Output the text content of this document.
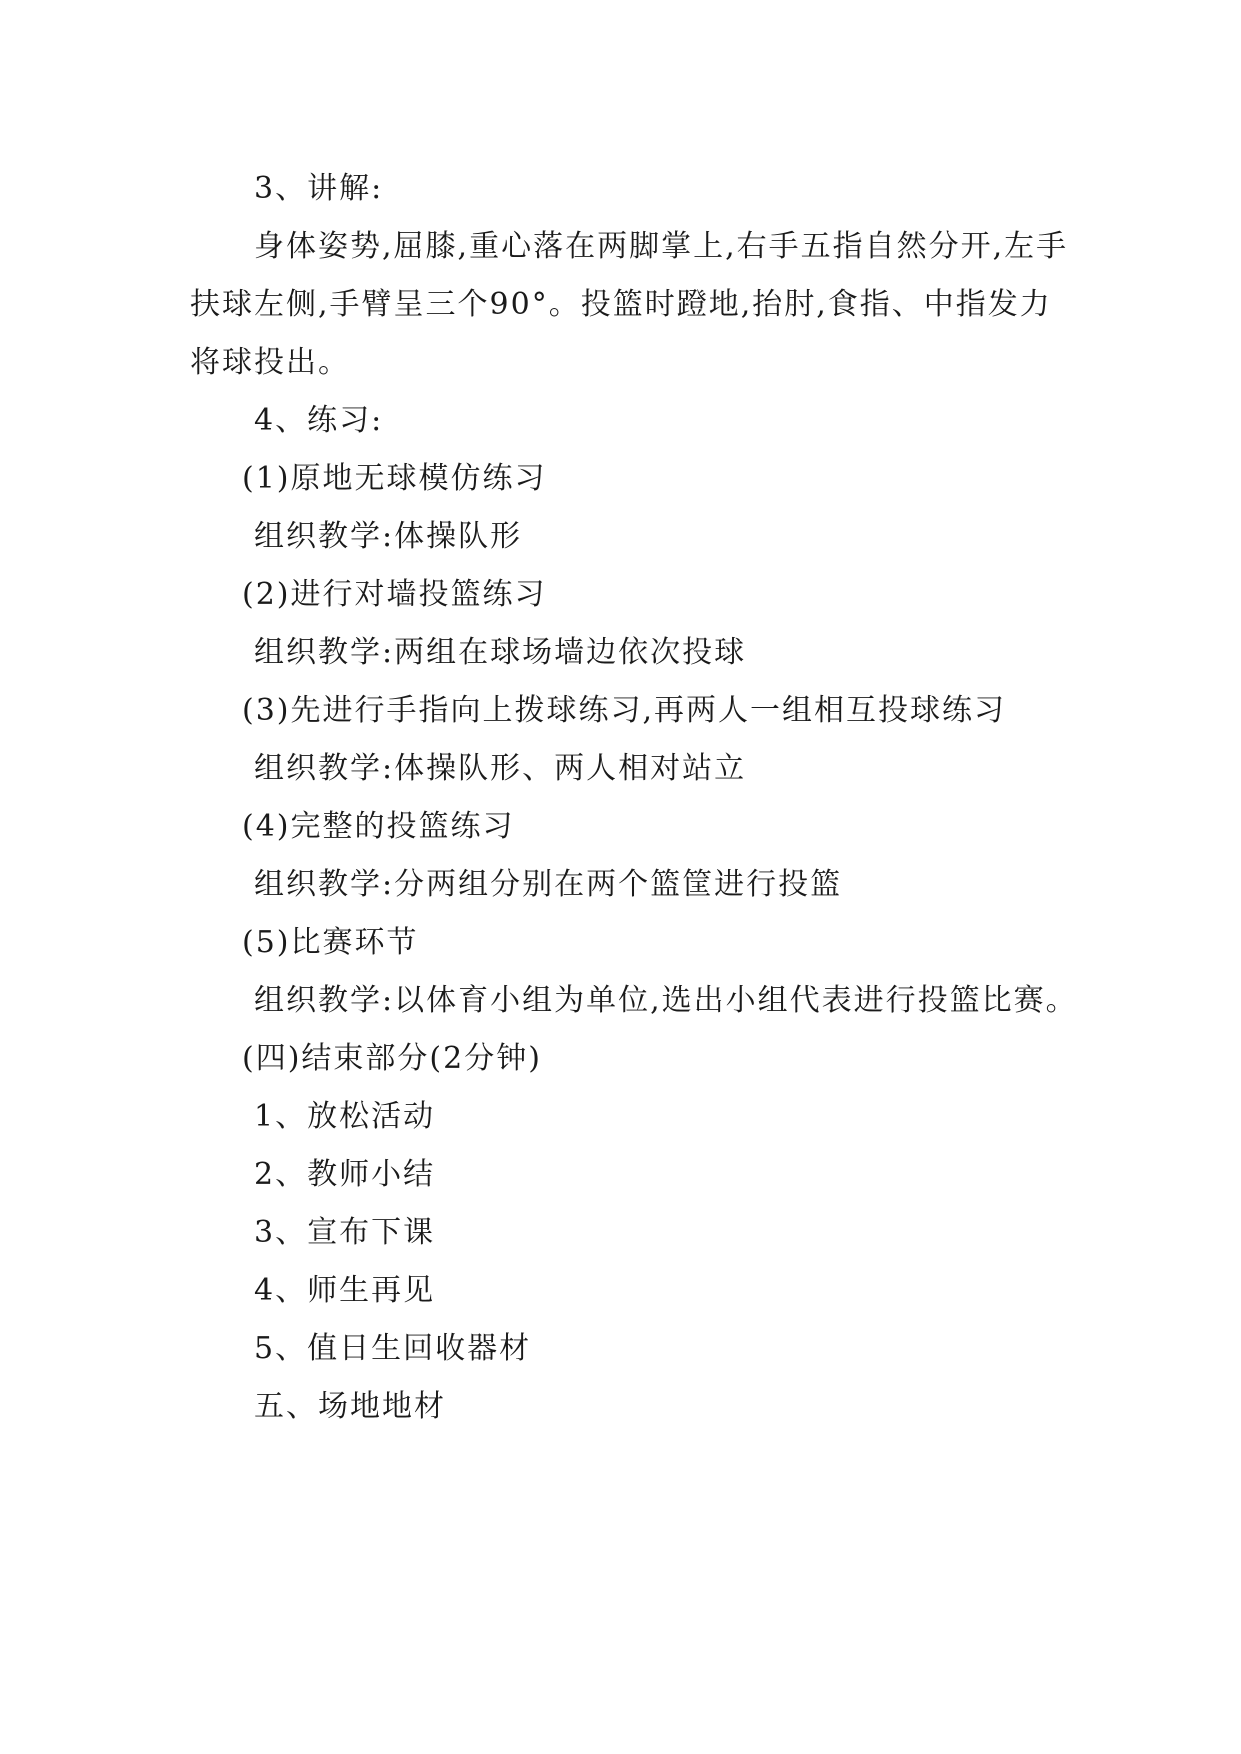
3、讲解:

身体姿势,屈膝,重心落在两脚掌上,右手五指自然分开,左手扶球左侧,手臂呈三个90°。投篮时蹬地,抬肘,食指、中指发力将球投出。

4、练习:

(1)原地无球模仿练习

组织教学:体操队形

(2)进行对墙投篮练习

组织教学:两组在球场墙边依次投球

(3)先进行手指向上拨球练习,再两人一组相互投球练习

组织教学:体操队形、两人相对站立

(4)完整的投篮练习

组织教学:分两组分别在两个篮筐进行投篮

(5)比赛环节

组织教学:以体育小组为单位,选出小组代表进行投篮比赛。

(四)结束部分(2分钟)

1、放松活动

2、教师小结

3、宣布下课

4、师生再见

5、值日生回收器材

五、场地地材
